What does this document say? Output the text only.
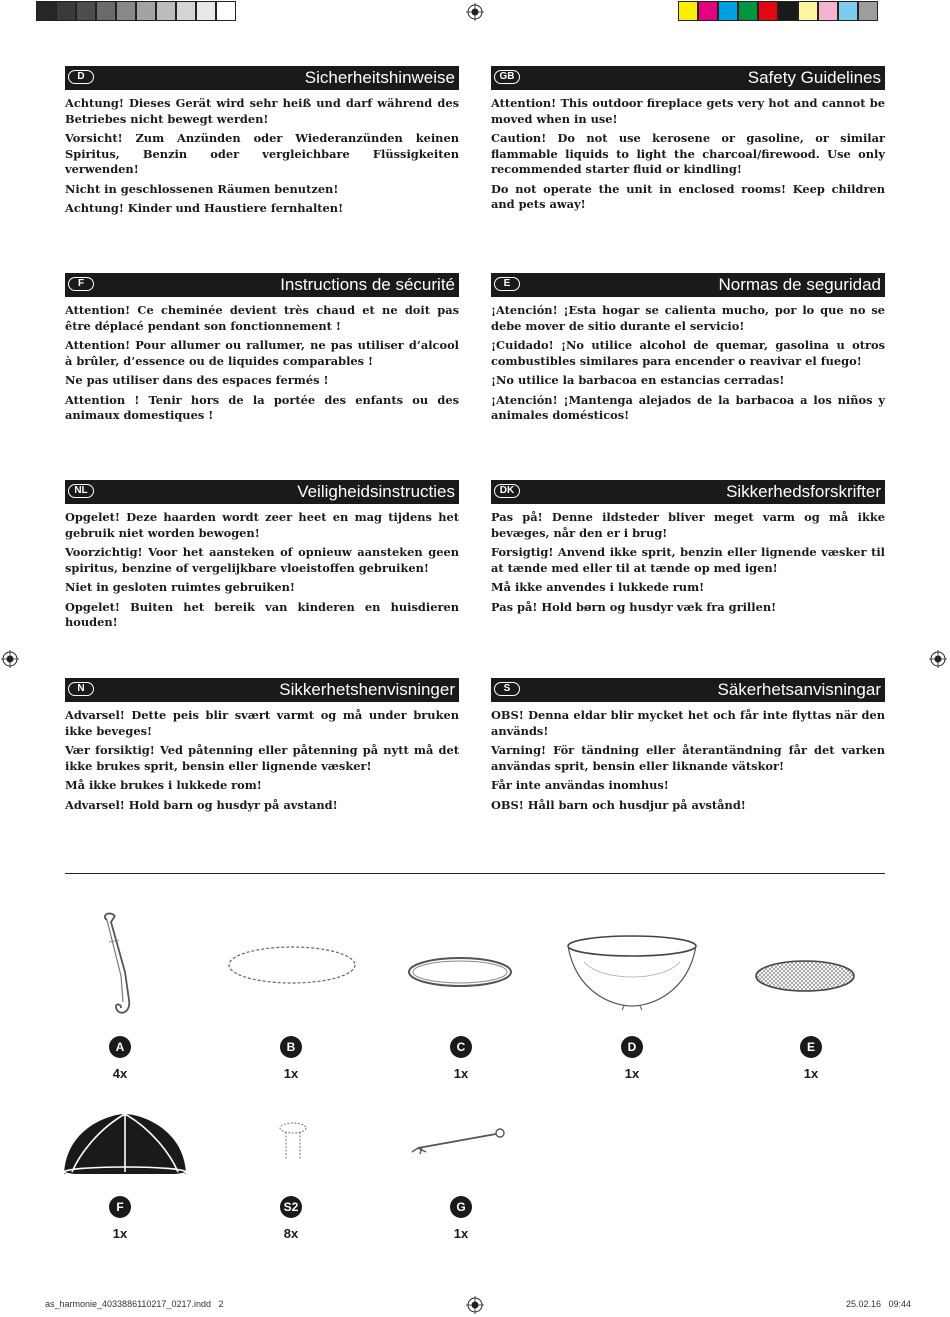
D	Sicherheitshinweise

Achtung! Dieses Gerät wird sehr heiß und darf während des Betriebes nicht bewegt werden!

Vorsicht! Zum Anzünden oder Wiederanzünden keinen Spiritus, Benzin oder vergleichbare Flüssigkeiten verwenden!

Nicht in geschlossenen Räumen benutzen!

Achtung! Kinder und Haustiere fernhalten!

GB	Safety Guidelines

Attention! This outdoor fireplace gets very hot and cannot be moved when in use!

Caution! Do not use kerosene or gasoline, or similar flammable liquids to light the charcoal/firewood. Use only recommended starter fluid or kindling!

Do not operate the unit in enclosed rooms! Keep children and pets away!

F	Instructions de sécurité

Attention! Ce cheminée devient très chaud et ne doit pas être déplacé pendant son fonctionnement !

Attention! Pour allumer ou rallumer, ne pas utiliser d’alcool à brûler, d’essence ou de liquides comparables !

Ne pas utiliser dans des espaces fermés !

Attention ! Tenir hors de la portée des enfants ou des animaux domestiques !

E	Normas de seguridad

¡Atención! ¡Esta hogar se calienta mucho, por lo que no se debe mover de sitio durante el servicio!

¡Cuidado! ¡No utilice alcohol de quemar, gasolina u otros combustibles similares para encender o reavivar el fuego!

¡No utilice la barbacoa en estancias cerradas!

¡Atención! ¡Mantenga alejados de la barbacoa a los niños y animales domésticos!

NL	Veiligheidsinstructies

Opgelet! Deze haarden wordt zeer heet en mag tijdens het gebruik niet worden bewogen!

Voorzichtig! Voor het aansteken of opnieuw aansteken geen spiritus, benzine of vergelijkbare vloeistoffen gebruiken!

Niet in gesloten ruimtes gebruiken!

Opgelet! Buiten het bereik van kinderen en huisdieren houden!

DK	Sikkerhedsforskrifter

Pas på! Denne ildsteder bliver meget varm og må ikke bevæges, når den er i brug!

Forsigtig! Anvend ikke sprit, benzin eller lignende væsker til at tænde med eller til at tænde op med igen!

Må ikke anvendes i lukkede rum!

Pas på! Hold børn og husdyr væk fra grillen!

N	Sikkerhetshenvisninger

Advarsel! Dette peis blir svært varmt og må under bruken ikke beveges!

Vær forsiktig! Ved påtenning eller påtenning på nytt må det ikke brukes sprit, bensin eller lignende væsker!

Må ikke brukes i lukkede rom!

Advarsel! Hold barn og husdyr på avstand!

S	Säkerhetsanvisningar

OBS! Denna eldar blir mycket het och får inte flyttas när den används!

Varning! För tändning eller återantändning får det varken användas sprit, bensin eller liknande vätskor!

Får inte användas inomhus!

OBS! Håll barn och husdjur på avstånd!

A
4x
B
1x
C
1x
D
1x
E
1x
F
1x
S2
8x
G
1x
as_harmonie_4033886110217_0217.indd   2	25.02.16   09:44
